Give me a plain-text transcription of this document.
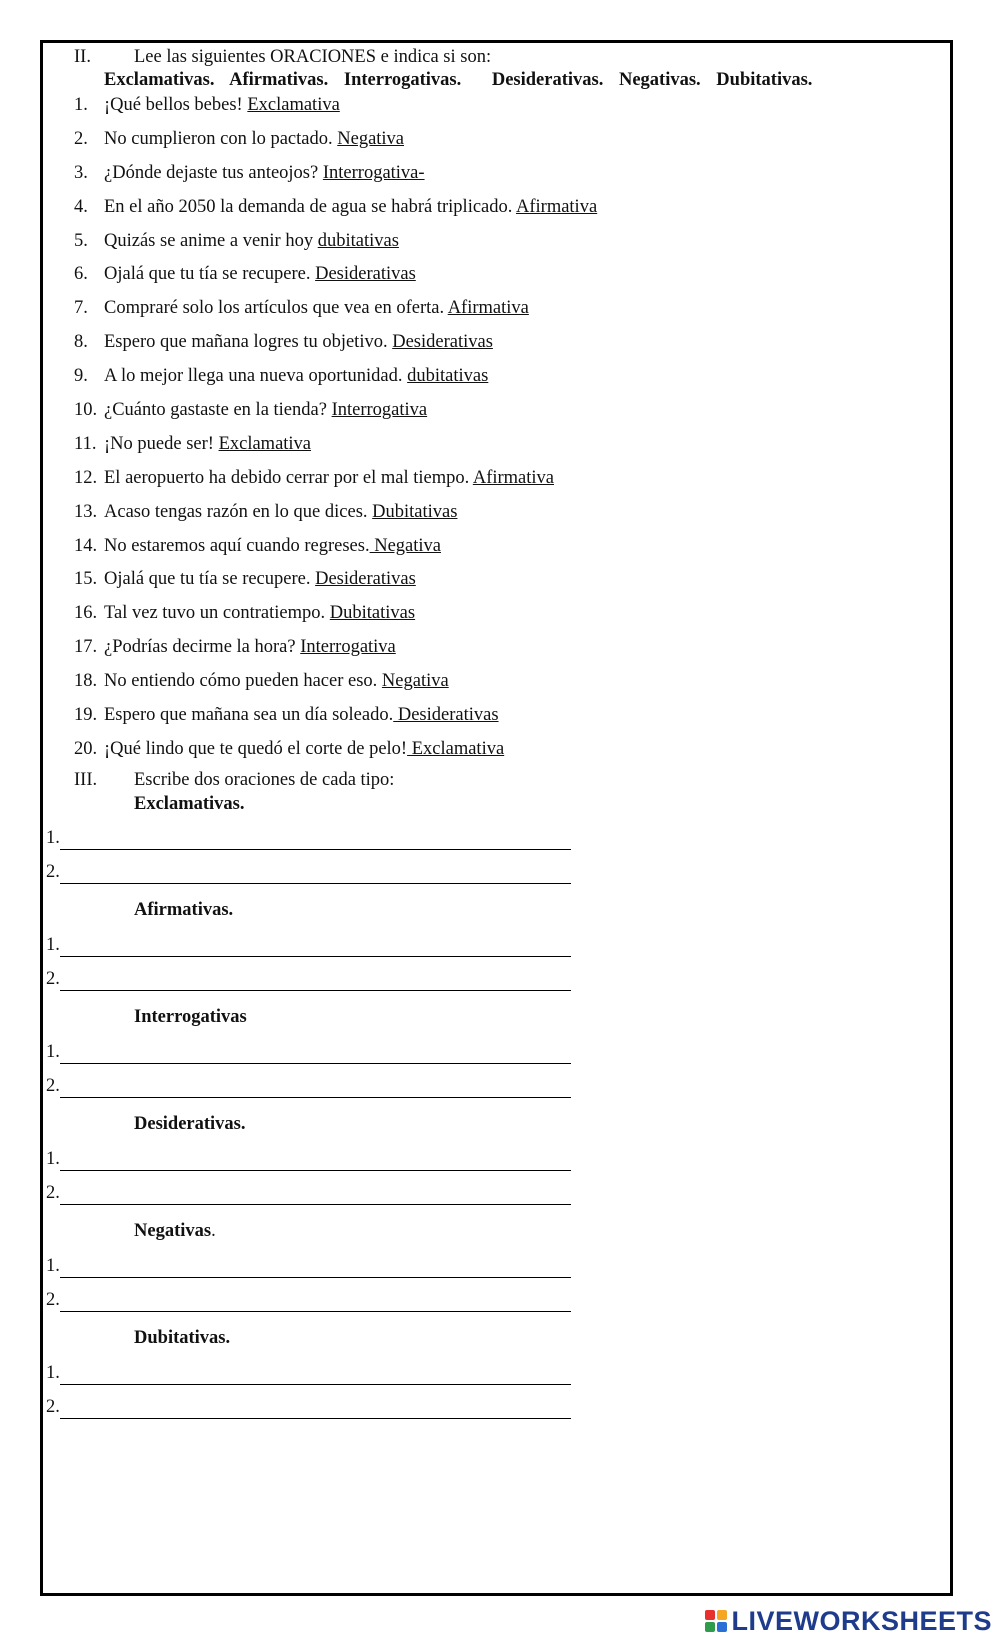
II. Lee las siguientes ORACIONES e indica si son:
Exclamativas. Afirmativas. Interrogativas. Desiderativas. Negativas. Dubitativas.
1. ¡Qué bellos bebes! Exclamativa
2. No cumplieron con lo pactado. Negativa
3. ¿Dónde dejaste tus anteojos? Interrogativa-
4. En el año 2050 la demanda de agua se habrá triplicado. Afirmativa
5. Quizás se anime a venir hoy dubitativas
6. Ojalá que tu tía se recupere. Desiderativas
7. Compraré solo los artículos que vea en oferta. Afirmativa
8. Espero que mañana logres tu objetivo. Desiderativas
9. A lo mejor llega una nueva oportunidad. dubitativas
10. ¿Cuánto gastaste en la tienda? Interrogativa
11. ¡No puede ser! Exclamativa
12. El aeropuerto ha debido cerrar por el mal tiempo. Afirmativa
13. Acaso tengas razón en lo que dices. Dubitativas
14. No estaremos aquí cuando regreses. Negativa
15. Ojalá que tu tía se recupere. Desiderativas
16. Tal vez tuvo un contratiempo. Dubitativas
17. ¿Podrías decirme la hora? Interrogativa
18. No entiendo cómo pueden hacer eso. Negativa
19. Espero que mañana sea un día soleado. Desiderativas
20. ¡Qué lindo que te quedó el corte de pelo! Exclamativa
III. Escribe dos oraciones de cada tipo:
Exclamativas.
1.
2.
Afirmativas.
1.
2.
Interrogativas
1.
2.
Desiderativas.
1.
2.
Negativas.
1.
2.
Dubitativas.
1.
2.
LIVEWORKSHEETS
